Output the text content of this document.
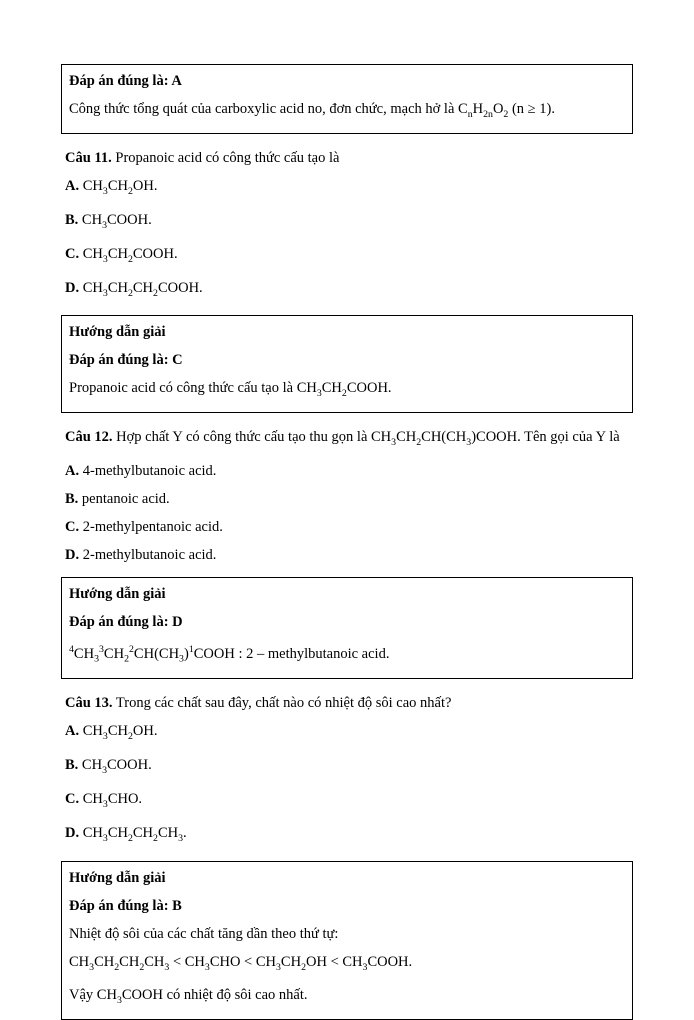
Đáp án đúng là: A

Công thức tổng quát của carboxylic acid no, đơn chức, mạch hở là $C_nH_{2n}O_2$ (n ≥ 1).

Câu 11. Propanoic acid có công thức cấu tạo là

A. $CH_3CH_2OH$.

B. $CH_3COOH$.

C. $CH_3CH_2COOH$.

D. $CH_3CH_2CH_2COOH$.

Hướng dẫn giải

Đáp án đúng là: C

Propanoic acid có công thức cấu tạo là $CH_3CH_2COOH$.

Câu 12. Hợp chất Y có công thức cấu tạo thu gọn là $CH_3CH_2CH(CH_3)COOH$. Tên gọi của Y là

A. 4-methylbutanoic acid.

B. pentanoic acid.

C. 2-methylpentanoic acid.

D. 2-methylbutanoic acid.

Hướng dẫn giải

Đáp án đúng là: D

$^4CH_3^3CH_2^2CH(CH_3)^1COOH$ : 2 – methylbutanoic acid.

Câu 13. Trong các chất sau đây, chất nào có nhiệt độ sôi cao nhất?

A. $CH_3CH_2OH$.

B. $CH_3COOH$.

C. $CH_3CHO$.

D. $CH_3CH_2CH_2CH_3$.

Hướng dẫn giải

Đáp án đúng là: B

Nhiệt độ sôi của các chất tăng dần theo thứ tự:

$CH_3CH_2CH_2CH_3 < CH_3CHO < CH_3CH_2OH$ < $CH_3COOH$.

Vậy $CH_3COOH$ có nhiệt độ sôi cao nhất.
